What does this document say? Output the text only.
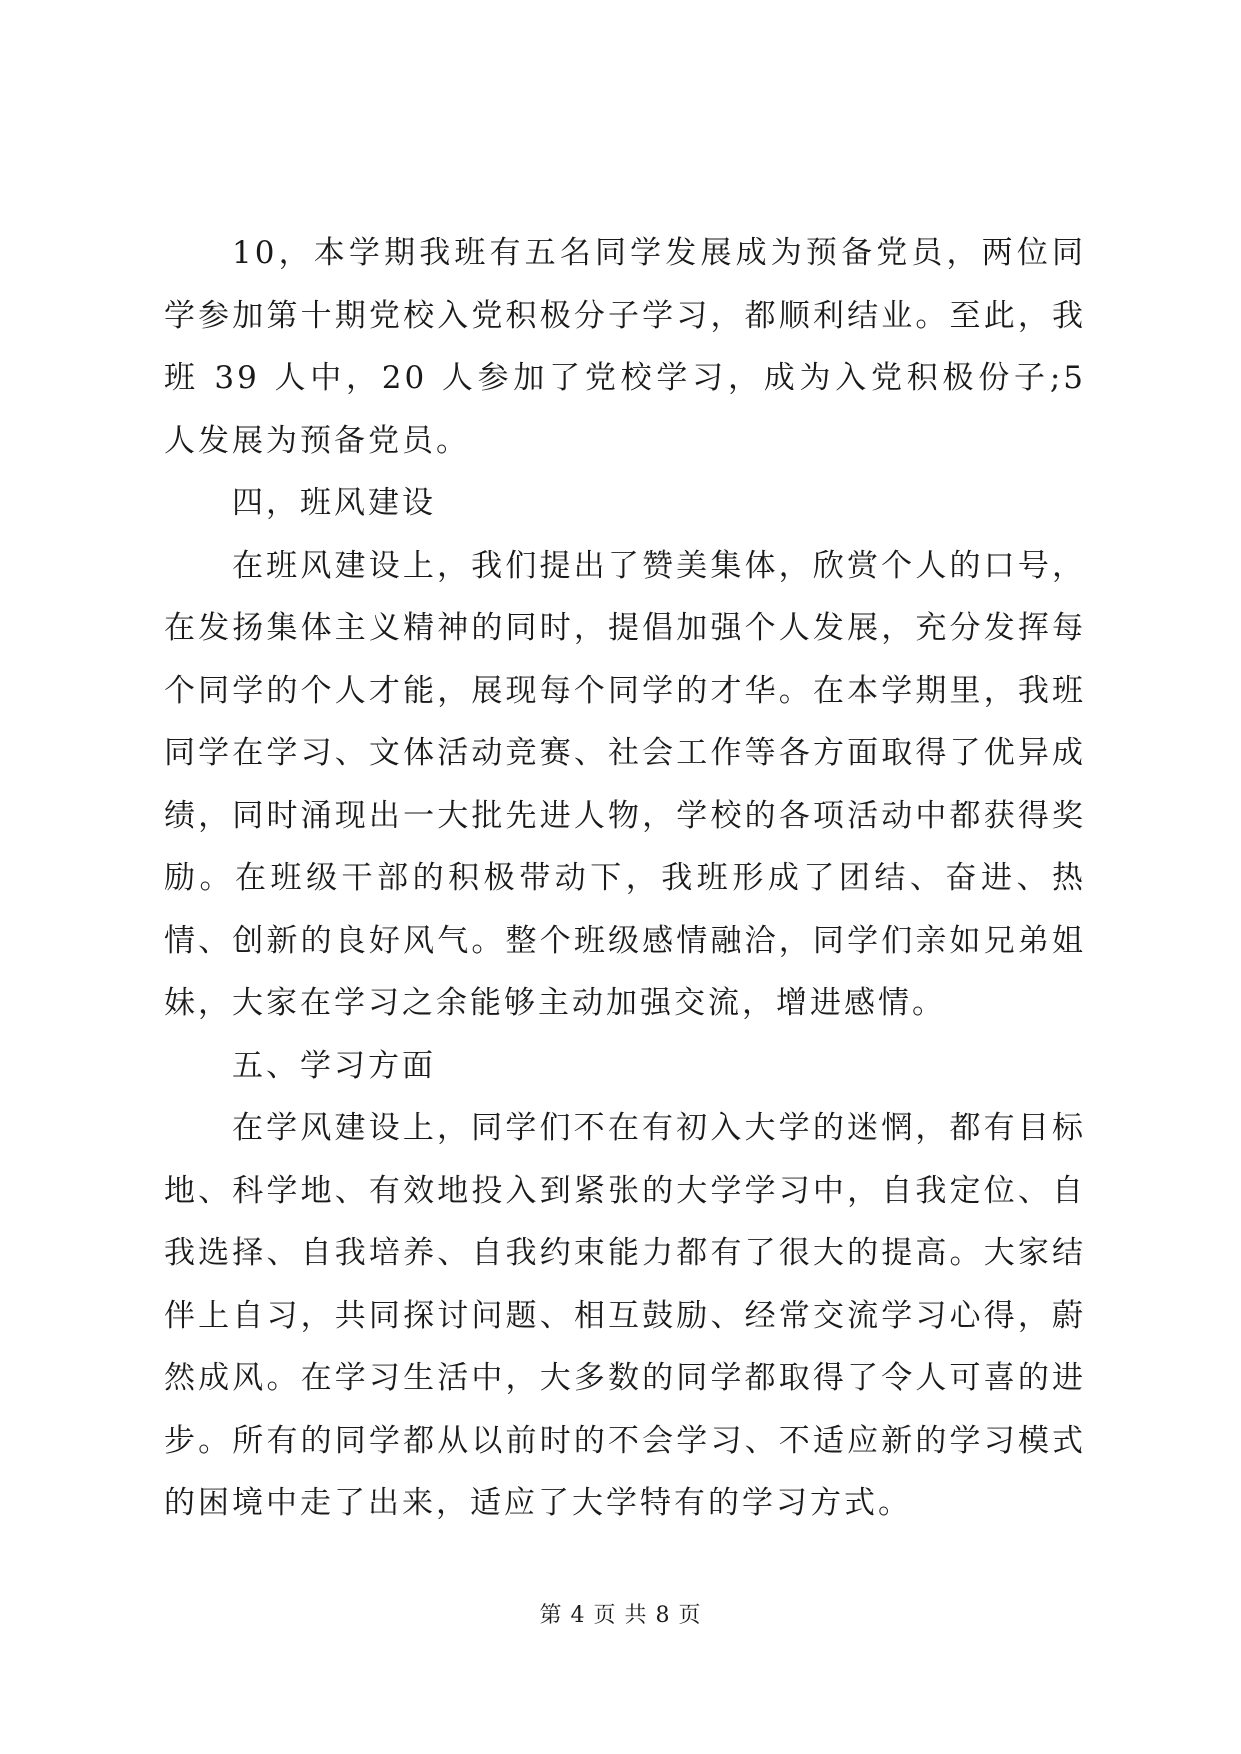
10，本学期我班有五名同学发展成为预备党员，两位同学参加第十期党校入党积极分子学习，都顺利结业。至此，我班 39 人中，20 人参加了党校学习，成为入党积极份子;5 人发展为预备党员。

四，班风建设

在班风建设上，我们提出了赞美集体，欣赏个人的口号，在发扬集体主义精神的同时，提倡加强个人发展，充分发挥每个同学的个人才能，展现每个同学的才华。在本学期里，我班同学在学习、文体活动竞赛、社会工作等各方面取得了优异成绩，同时涌现出一大批先进人物，学校的各项活动中都获得奖励。在班级干部的积极带动下，我班形成了团结、奋进、热情、创新的良好风气。整个班级感情融洽，同学们亲如兄弟姐妹，大家在学习之余能够主动加强交流，增进感情。

五、学习方面

在学风建设上，同学们不在有初入大学的迷惘，都有目标地、科学地、有效地投入到紧张的大学学习中，自我定位、自我选择、自我培养、自我约束能力都有了很大的提高。大家结伴上自习，共同探讨问题、相互鼓励、经常交流学习心得，蔚然成风。在学习生活中，大多数的同学都取得了令人可喜的进步。所有的同学都从以前时的不会学习、不适应新的学习模式的困境中走了出来，适应了大学特有的学习方式。

第 4 页 共 8 页
